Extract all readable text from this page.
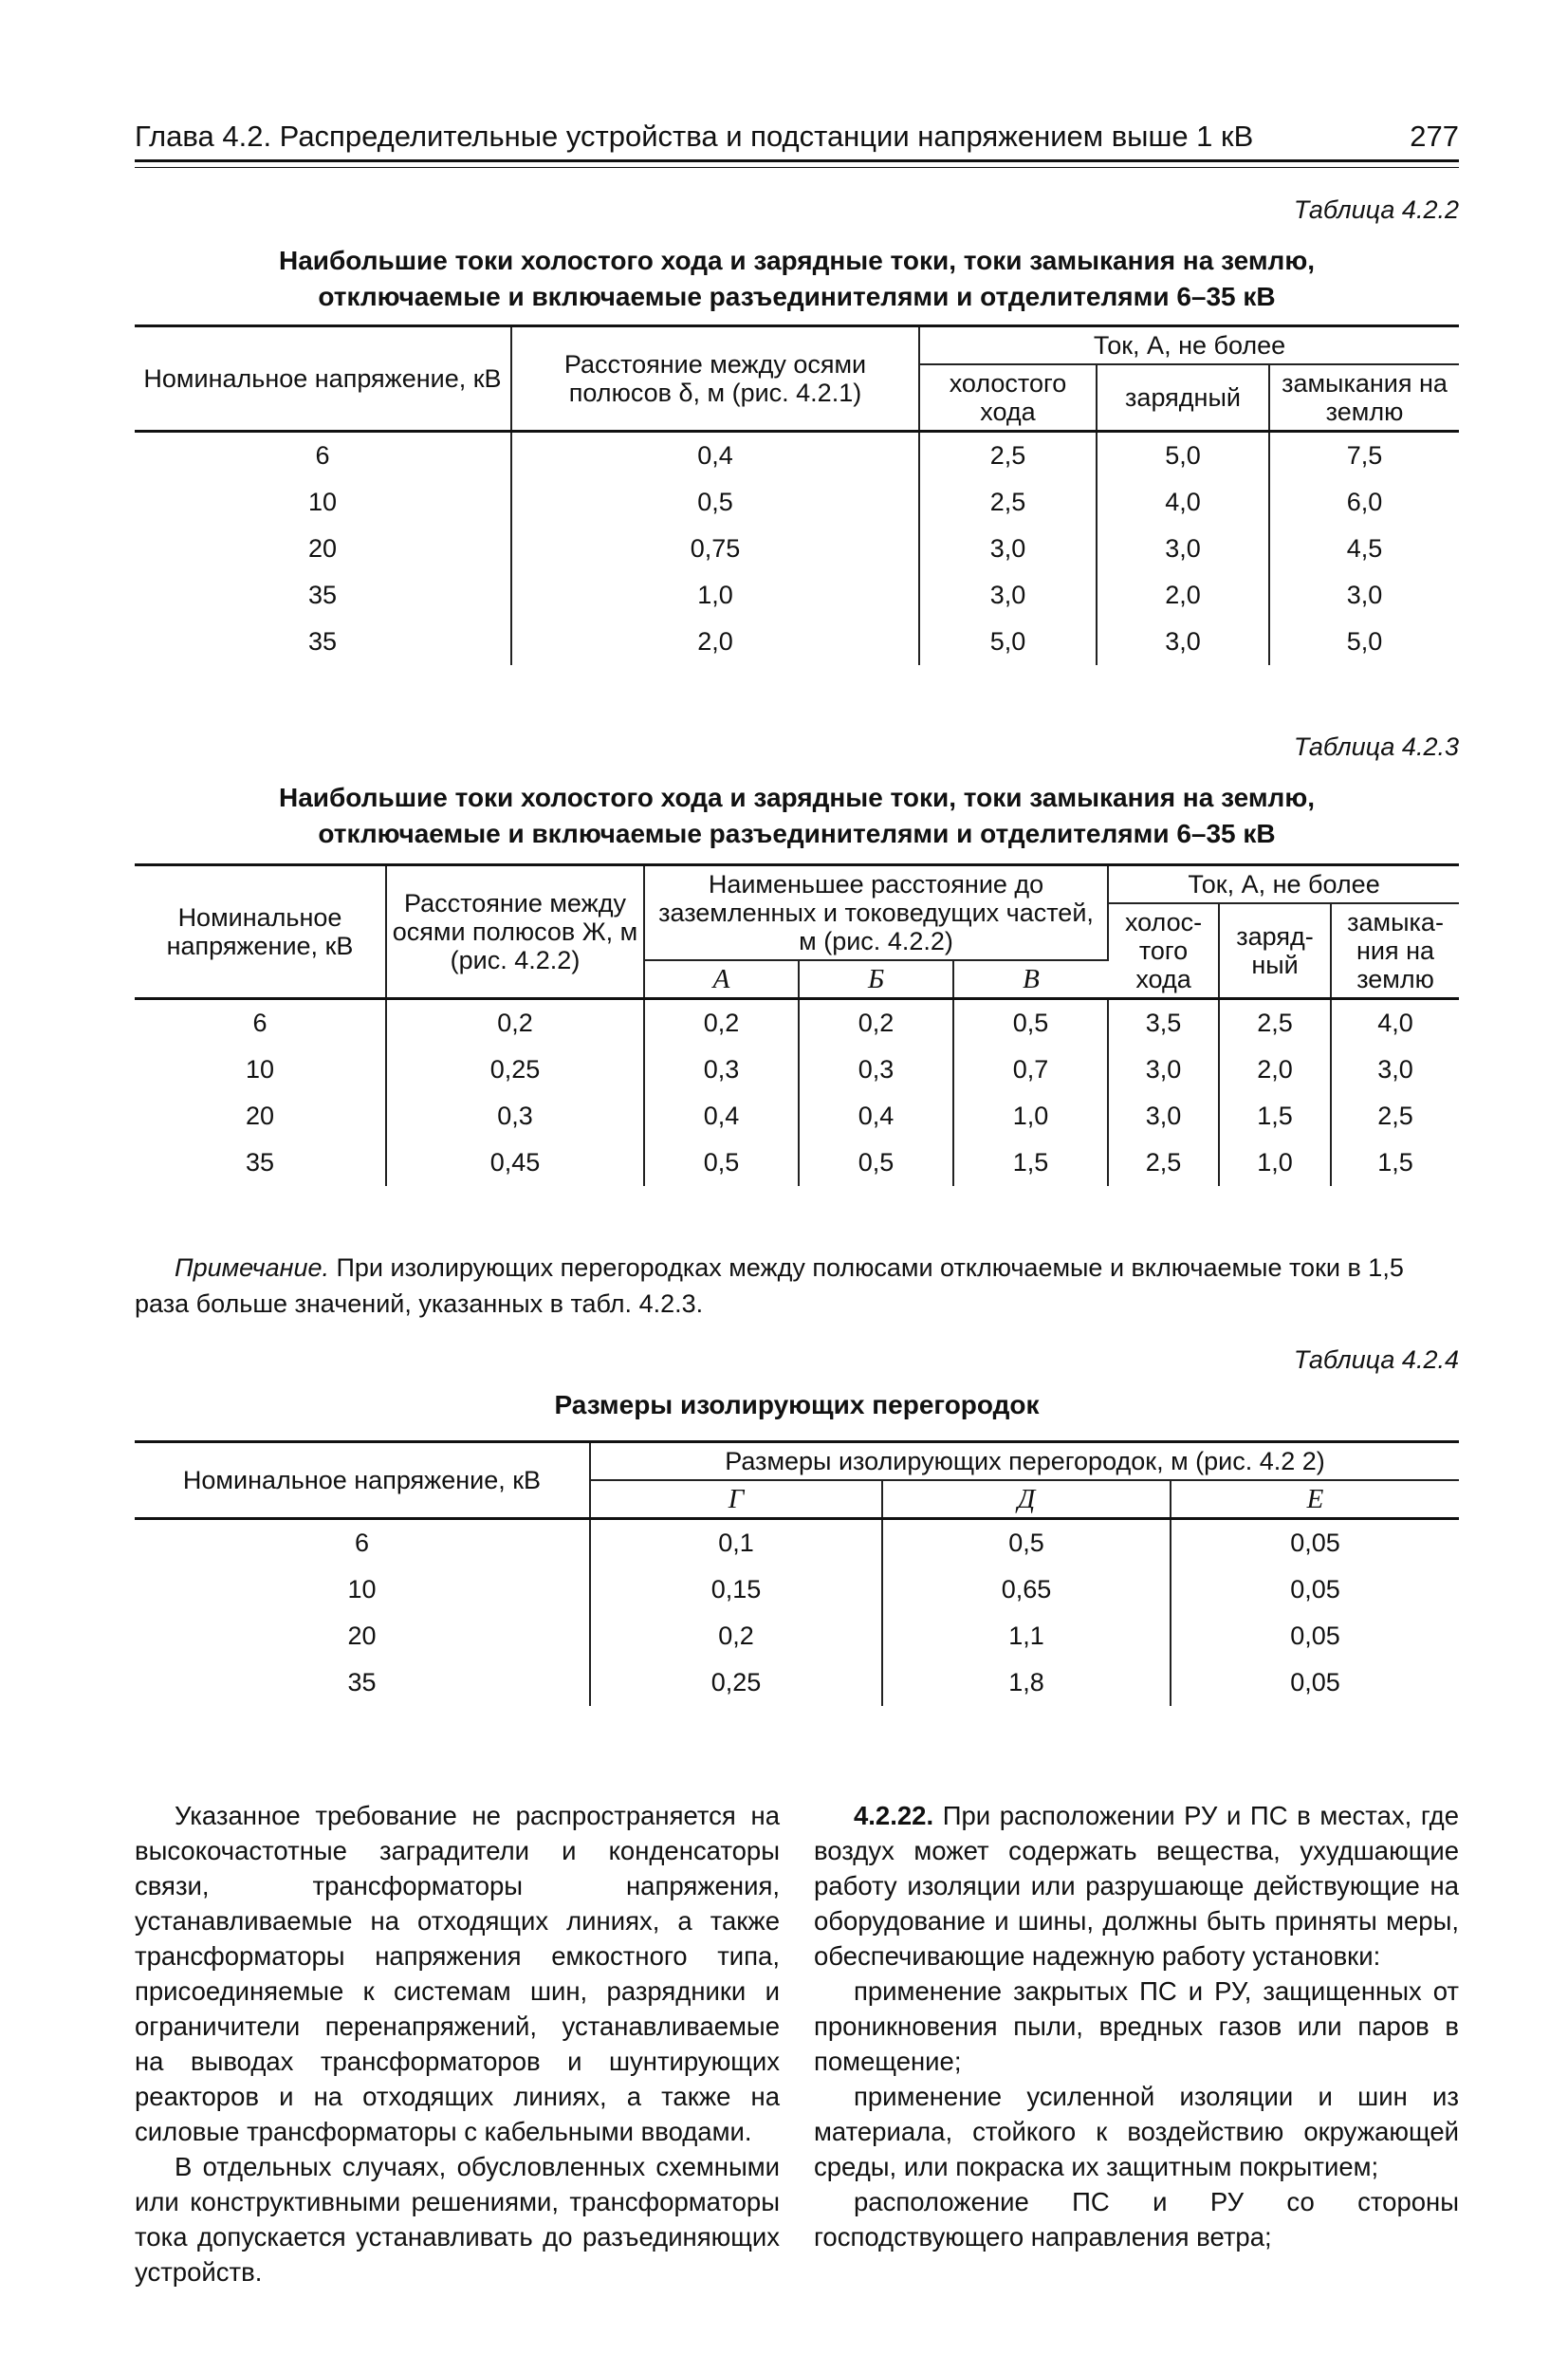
Глава 4.2. Распределительные устройства и подстанции напряжением выше 1 кВ	277
Таблица 4.2.2
Наибольшие токи холостого хода и зарядные токи, токи замыкания на землю,
отключаемые и включаемые разъединителями и отделителями 6–35 кВ
Номинальное напряжение, кВ	Расстояние между осями полюсов δ, м (рис. 4.2.1)	Ток, А, не более		
		холостого хода	зарядный	замыкания на землю
6	0,4	2,5	5,0	7,5
10	0,5	2,5	4,0	6,0
20	0,75	3,0	3,0	4,5
35	1,0	3,0	2,0	3,0
35	2,0	5,0	3,0	5,0
Таблица 4.2.3
Наибольшие токи холостого хода и зарядные токи, токи замыкания на землю,
отключаемые и включаемые разъединителями и отделителями 6–35 кВ
Номинальное напряжение, кВ	Расстояние между осями полюсов Ж, м (рис. 4.2.2)	Наименьшее расстояние до заземленных и токоведущих частей, м (рис. 4.2.2)			Ток, А, не более		
					холос-того хода	заряд-ный	замыка-ния на землю
		А	Б	В			
6	0,2	0,2	0,2	0,5	3,5	2,5	4,0
10	0,25	0,3	0,3	0,7	3,0	2,0	3,0
20	0,3	0,4	0,4	1,0	3,0	1,5	2,5
35	0,45	0,5	0,5	1,5	2,5	1,0	1,5
Примечание. При изолирующих перегородках между полюсами отключаемые и включаемые токи в 1,5 раза больше значений, указанных в табл. 4.2.3.
Таблица 4.2.4
Размеры изолирующих перегородок
Номинальное напряжение, кВ	Размеры изолирующих перегородок, м (рис. 4.2 2)		
	Г	Д	Е
6	0,1	0,5	0,05
10	0,15	0,65	0,05
20	0,2	1,1	0,05
35	0,25	1,8	0,05

Указанное требование не распространяется на высокочастотные заградители и конденсаторы связи, трансформаторы напряжения, устанавливаемые на отходящих линиях, а также трансформаторы напряжения емкостного типа, присоединяемые к системам шин, разрядники и ограничители перенапряжений, устанавливаемые на выводах трансформаторов и шунтирующих реакторов и на отходящих линиях, а также на силовые трансформаторы с кабельными вводами.

В отдельных случаях, обусловленных схемными или конструктивными решениями, трансформаторы тока допускается устанавливать до разъединяющих устройств.

4.2.22. При расположении РУ и ПС в местах, где воздух может содержать вещества, ухудшающие работу изоляции или разрушающе действующие на оборудование и шины, должны быть приняты меры, обеспечивающие надежную работу установки:

применение закрытых ПС и РУ, защищенных от проникновения пыли, вредных газов или паров в помещение;

применение усиленной изоляции и шин из материала, стойкого к воздействию окружающей среды, или покраска их защитным покрытием;

расположение ПС и РУ со стороны господствующего направления ветра;
